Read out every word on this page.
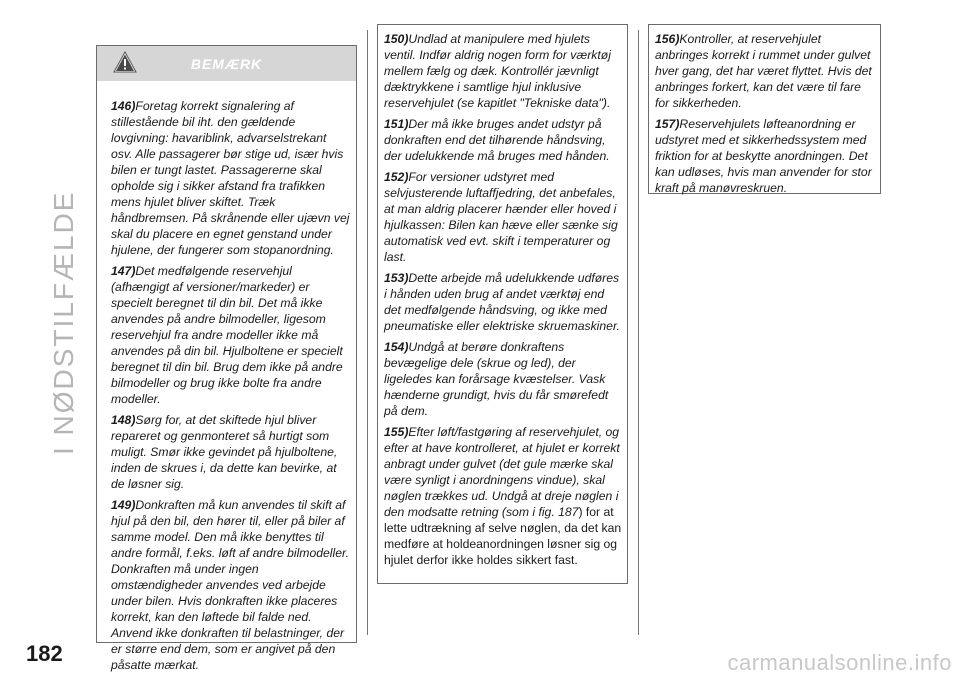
I NØDSTILFÆLDE
182	carmanualsonline.info
BEMÆRK

146)Foretag korrekt signalering af stillestående bil iht. den gældende lovgivning: havariblink, advarselstrekant osv. Alle passagerer bør stige ud, især hvis bilen er tungt lastet. Passagererne skal opholde sig i sikker afstand fra trafikken mens hjulet bliver skiftet. Træk håndbremsen. På skrånende eller ujævn vej skal du placere en egnet genstand under hjulene, der fungerer som stopanordning.

147)Det medfølgende reservehjul (afhængigt af versioner/markeder) er specielt beregnet til din bil. Det må ikke anvendes på andre bilmodeller, ligesom reservehjul fra andre modeller ikke må anvendes på din bil. Hjulboltene er specielt beregnet til din bil. Brug dem ikke på andre bilmodeller og brug ikke bolte fra andre modeller.

148)Sørg for, at det skiftede hjul bliver repareret og genmonteret så hurtigt som muligt. Smør ikke gevindet på hjulboltene, inden de skrues i, da dette kan bevirke, at de løsner sig.

149)Donkraften må kun anvendes til skift af hjul på den bil, den hører til, eller på biler af samme model. Den må ikke benyttes til andre formål, f.eks. løft af andre bilmodeller. Donkraften må under ingen omstændigheder anvendes ved arbejde under bilen. Hvis donkraften ikke placeres korrekt, kan den løftede bil falde ned. Anvend ikke donkraften til belastninger, der er større end dem, som er angivet på den påsatte mærkat.

150)Undlad at manipulere med hjulets ventil. Indfør aldrig nogen form for værktøj mellem fælg og dæk. Kontrollér jævnligt dæktrykkene i samtlige hjul inklusive reservehjulet (se kapitlet "Tekniske data").

151)Der må ikke bruges andet udstyr på donkraften end det tilhørende håndsving, der udelukkende må bruges med hånden.

152)For versioner udstyret med selvjusterende luftaffjedring, det anbefales, at man aldrig placerer hænder eller hoved i hjulkassen: Bilen kan hæve eller sænke sig automatisk ved evt. skift i temperaturer og last.

153)Dette arbejde må udelukkende udføres i hånden uden brug af andet værktøj end det medfølgende håndsving, og ikke med pneumatiske eller elektriske skruemaskiner.

154)Undgå at berøre donkraftens bevægelige dele (skrue og led), der ligeledes kan forårsage kvæstelser. Vask hænderne grundigt, hvis du får smørefedt på dem.

155)Efter løft/fastgøring af reservehjulet, og efter at have kontrolleret, at hjulet er korrekt anbragt under gulvet (det gule mærke skal være synligt i anordningens vindue), skal nøglen trækkes ud. Undgå at dreje nøglen i den modsatte retning (som i fig. 187) for at lette udtrækning af selve nøglen, da det kan medføre at holdeanordningen løsner sig og hjulet derfor ikke holdes sikkert fast.

156)Kontroller, at reservehjulet anbringes korrekt i rummet under gulvet hver gang, det har været flyttet. Hvis det anbringes forkert, kan det være til fare for sikkerheden.

157)Reservehjulets løfteanordning er udstyret med et sikkerhedssystem med friktion for at beskytte anordningen. Det kan udløses, hvis man anvender for stor kraft på manøvreskruen.
